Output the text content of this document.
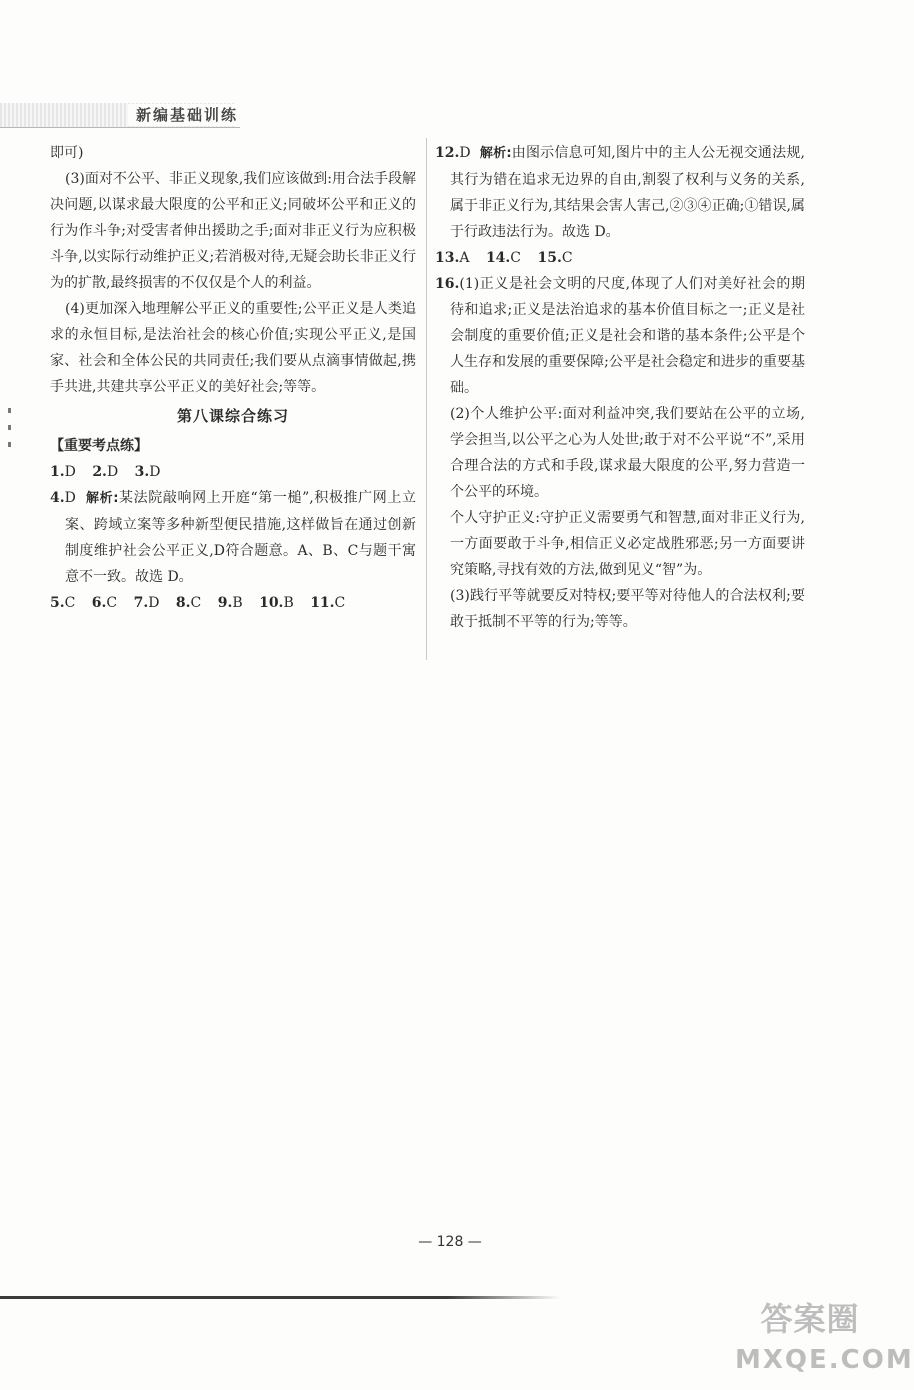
新编基础训练

即可)

(3)面对不公平、非正义现象,我们应该做到:用合法手段解决问题,以谋求最大限度的公平和正义;同破坏公平和正义的行为作斗争;对受害者伸出援助之手;面对非正义行为应积极斗争,以实际行动维护正义;若消极对待,无疑会助长非正义行为的扩散,最终损害的不仅仅是个人的利益。

(4)更加深入地理解公平正义的重要性;公平正义是人类追求的永恒目标,是法治社会的核心价值;实现公平正义,是国家、社会和全体公民的共同责任;我们要从点滴事情做起,携手共进,共建共享公平正义的美好社会;等等。

第八课综合练习

【重要考点练】

1.D 2.D 3.D

4.D 解析:某法院敲响网上开庭“第一槌”,积极推广网上立案、跨域立案等多种新型便民措施,这样做旨在通过创新制度维护社会公平正义,D符合题意。A、B、C与题干寓意不一致。故选 D。

5.C 6.C 7.D 8.C 9.B 10.B 11.C

12.D 解析:由图示信息可知,图片中的主人公无视交通法规,其行为错在追求无边界的自由,割裂了权利与义务的关系,属于非正义行为,其结果会害人害己,②③④正确;①错误,属于行政违法行为。故选 D。

13.A 14.C 15.C

16.(1)正义是社会文明的尺度,体现了人们对美好社会的期待和追求;正义是法治追求的基本价值目标之一;正义是社会制度的重要价值;正义是社会和谐的基本条件;公平是个人生存和发展的重要保障;公平是社会稳定和进步的重要基础。

(2)个人维护公平:面对利益冲突,我们要站在公平的立场,学会担当,以公平之心为人处世;敢于对不公平说“不”,采用合理合法的方式和手段,谋求最大限度的公平,努力营造一个公平的环境。

个人守护正义:守护正义需要勇气和智慧,面对非正义行为,一方面要敢于斗争,相信正义必定战胜邪恶;另一方面要讲究策略,寻找有效的方法,做到见义“智”为。

(3)践行平等就要反对特权;要平等对待他人的合法权利;要敢于抵制不平等的行为;等等。

— 128 —
答案圈
MXQE.COM
